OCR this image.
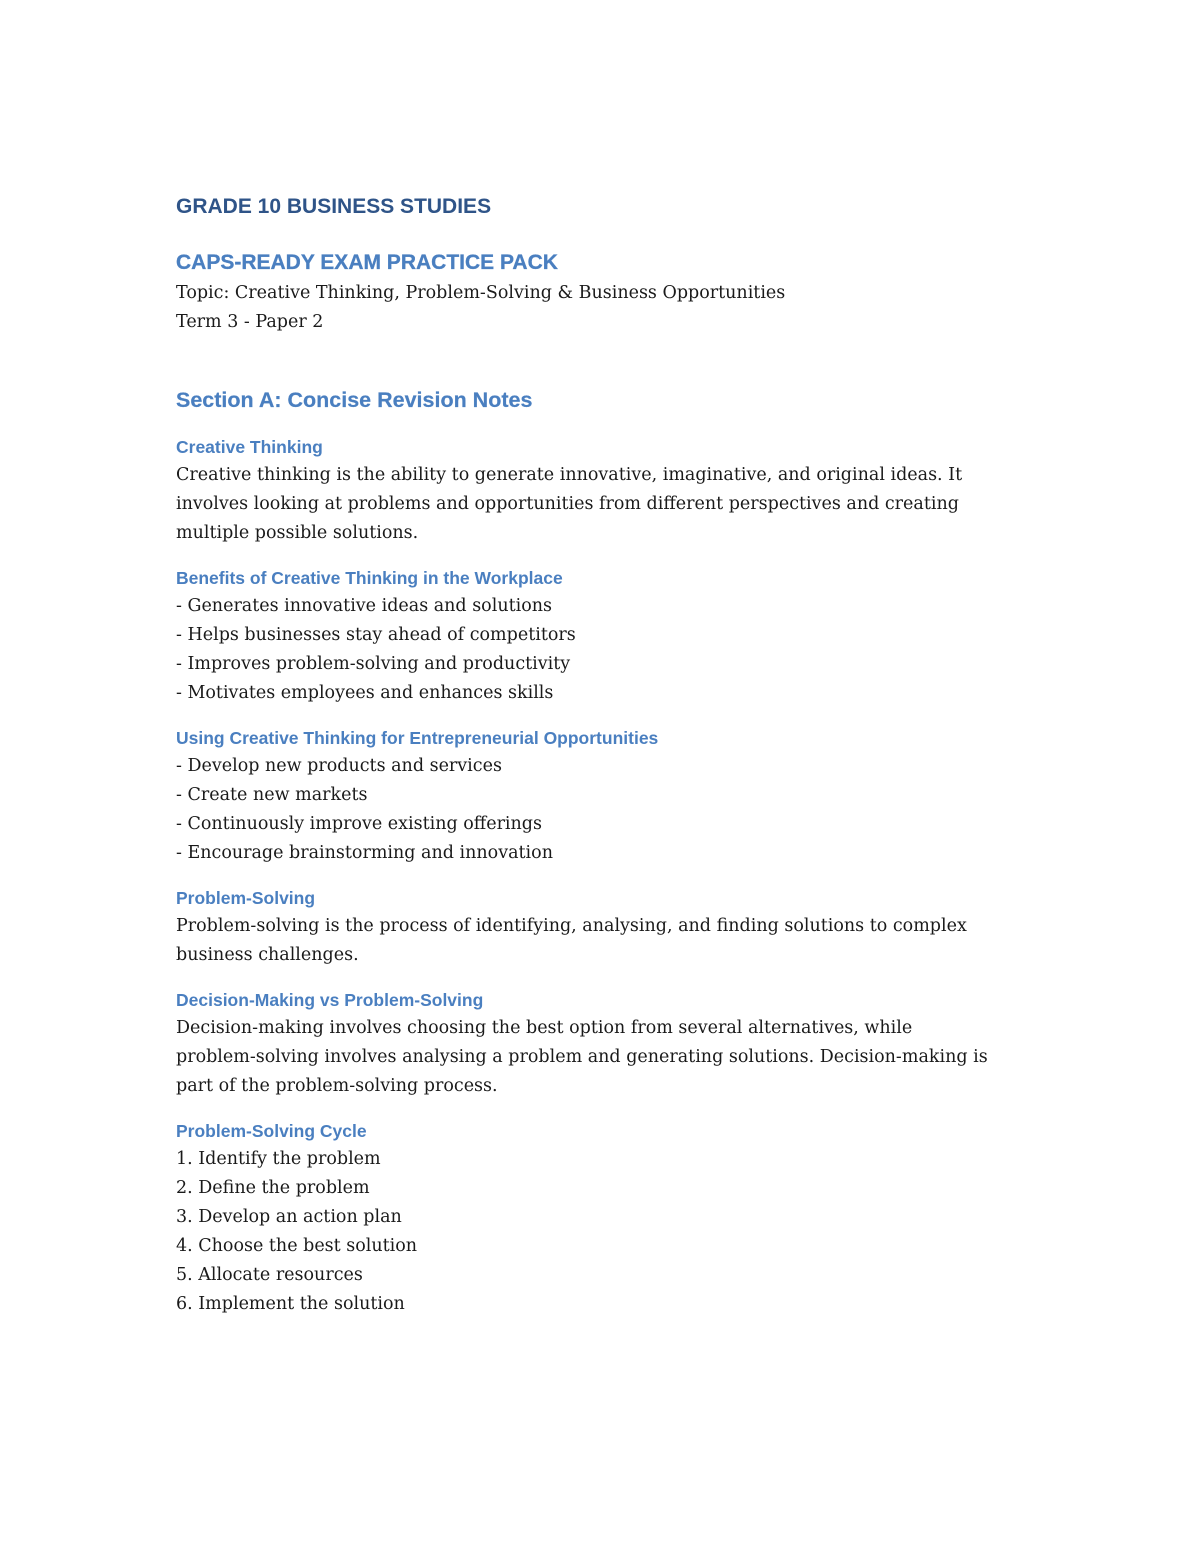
GRADE 10 BUSINESS STUDIES
CAPS-READY EXAM PRACTICE PACK

Topic: Creative Thinking, Problem-Solving & Business Opportunities

Term 3 - Paper 2

Section A: Concise Revision Notes
Creative Thinking

Creative thinking is the ability to generate innovative, imaginative, and original ideas. It

involves looking at problems and opportunities from different perspectives and creating

multiple possible solutions.

Benefits of Creative Thinking in the Workplace
- Generates innovative ideas and solutions
- Helps businesses stay ahead of competitors
- Improves problem-solving and productivity
- Motivates employees and enhances skills
Using Creative Thinking for Entrepreneurial Opportunities
- Develop new products and services
- Create new markets
- Continuously improve existing offerings
- Encourage brainstorming and innovation
Problem-Solving

Problem-solving is the process of identifying, analysing, and finding solutions to complex

business challenges.

Decision-Making vs Problem-Solving

Decision-making involves choosing the best option from several alternatives, while

problem-solving involves analysing a problem and generating solutions. Decision-making is

part of the problem-solving process.

Problem-Solving Cycle
1. Identify the problem
2. Define the problem
3. Develop an action plan
4. Choose the best solution
5. Allocate resources
6. Implement the solution
